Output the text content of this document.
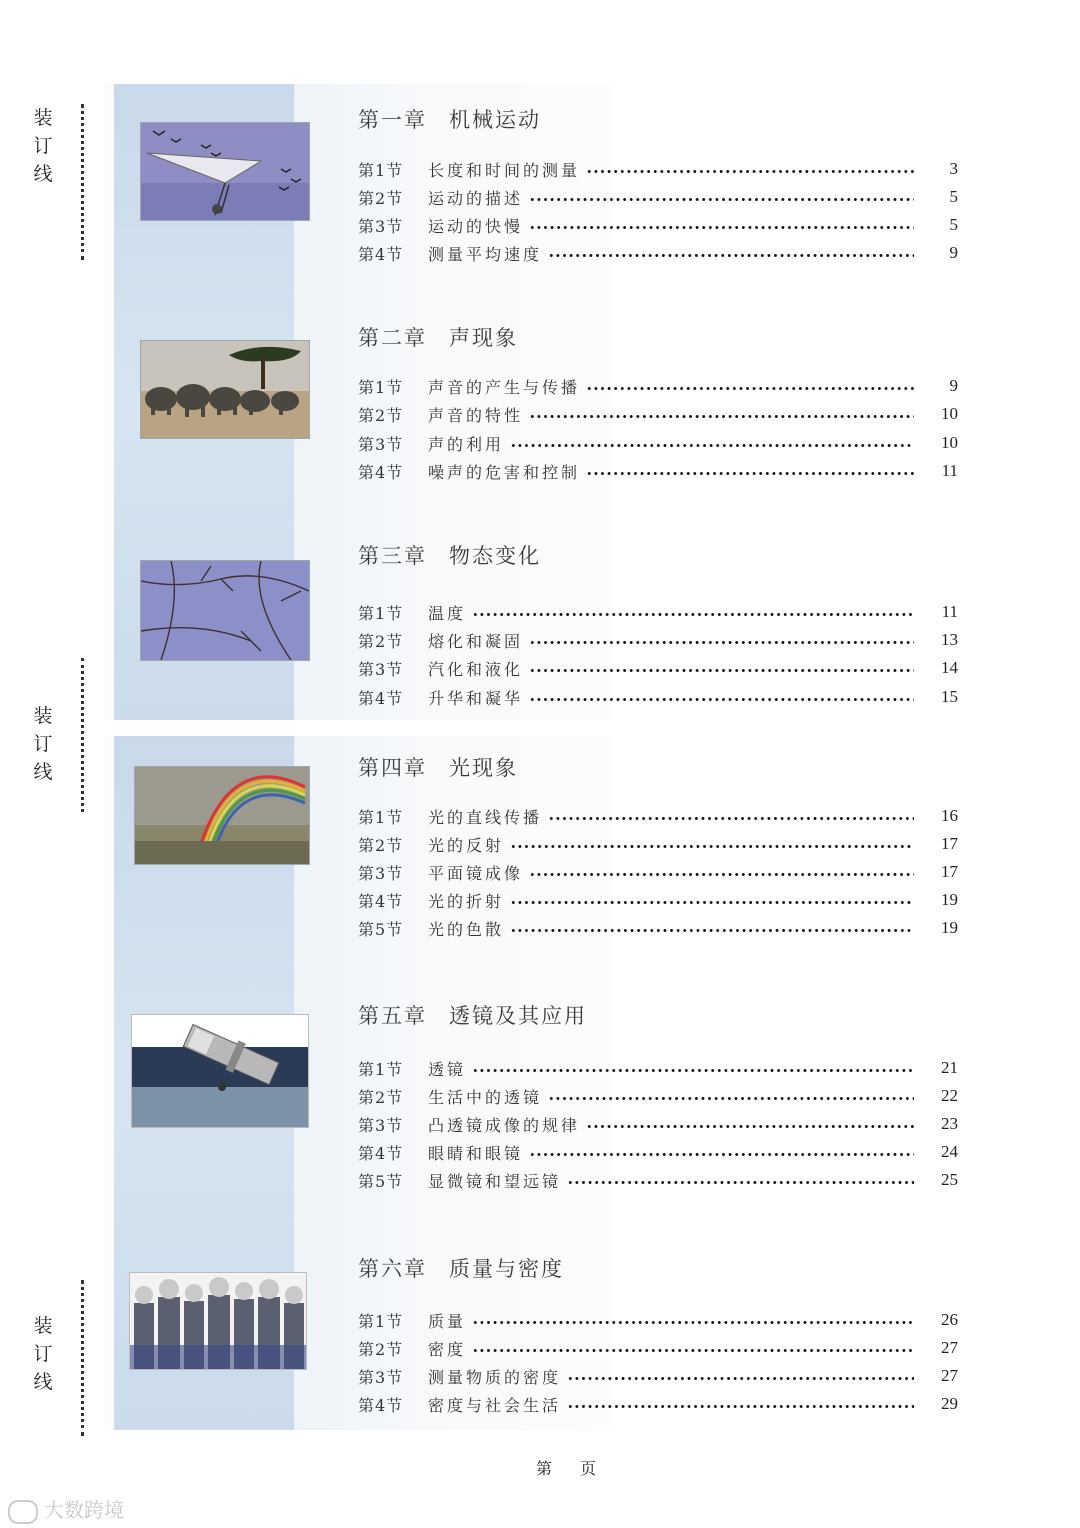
装
订
线
装
订
线
装
订
线
第一章 机械运动
第1节	长度和时间的测量	3
第2节	运动的描述	5
第3节	运动的快慢	5
第4节	测量平均速度	9
第二章 声现象
第1节	声音的产生与传播	9
第2节	声音的特性	10
第3节	声的利用	10
第4节	噪声的危害和控制	11
第三章 物态变化
第1节	温度	11
第2节	熔化和凝固	13
第3节	汽化和液化	14
第4节	升华和凝华	15
第四章 光现象
第1节	光的直线传播	16
第2节	光的反射	17
第3节	平面镜成像	17
第4节	光的折射	19
第5节	光的色散	19
第五章 透镜及其应用
第1节	透镜	21
第2节	生活中的透镜	22
第3节	凸透镜成像的规律	23
第4节	眼睛和眼镜	24
第5节	显微镜和望远镜	25
第六章 质量与密度
第1节	质量	26
第2节	密度	27
第3节	测量物质的密度	27
第4节	密度与社会生活	29
第页
大数跨境
